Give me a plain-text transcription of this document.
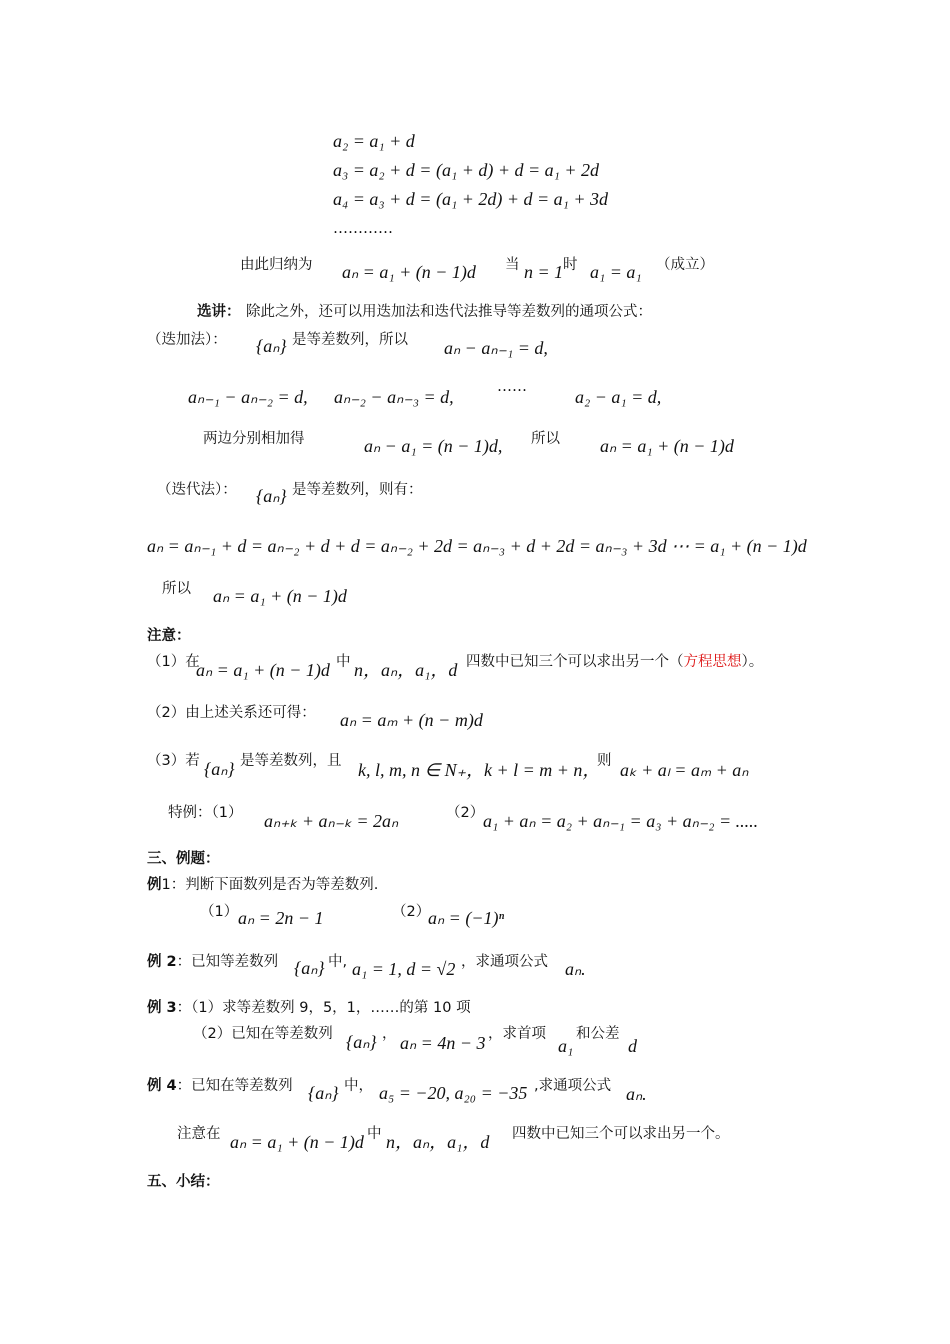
a₂ = a₁ + d
a₃ = a₂ + d = (a₁ + d) + d = a₁ + 2d
a₄ = a₃ + d = (a₁ + 2d) + d = a₁ + 3d
…………
由此归纳为 aₙ = a₁ + (n − 1)d 当 n = 1 时 a₁ = a₁ （成立）
选讲： 除此之外，还可以用迭加法和迭代法推导等差数列的通项公式：
（迭加法）： {aₙ} 是等差数列，所以 aₙ − aₙ₋₁ = d,
aₙ₋₁ − aₙ₋₂ = d, aₙ₋₂ − aₙ₋₃ = d,
……
a₂ − a₁ = d,
两边分别相加得	aₙ − a₁ = (n − 1)d, 所以 aₙ = a₁ + (n − 1)d
（迭代法）： {aₙ} 是等差数列，则有：
aₙ = aₙ₋₁ + d = aₙ₋₂ + d + d = aₙ₋₂ + 2d = aₙ₋₃ + d + 2d = aₙ₋₃ + 3d ⋯ = a₁ + (n − 1)d
所以 aₙ = a₁ + (n − 1)d
注意：
（1）在
aₙ = a₁ + (n − 1)d 中 n，aₙ，a₁，d 四数中已知三个可以求出另一个（方程思想）。
（2）由上述关系还可得： aₙ = aₘ + (n − m)d
（3）若 {aₙ} 是等差数列，且 k, l, m, n ∈ N₊， k + l = m + n，
则 aₖ + aₗ = aₘ + aₙ
特例：（1） aₙ₊ₖ + aₙ₋ₖ = 2aₙ	（2）
a₁ + aₙ = a₂ + aₙ₋₁ = a₃ + aₙ₋₂ = .....
三、例题：
例1：判断下面数列是否为等差数列.
（1） aₙ = 2n − 1	（2）
aₙ = (−1)ⁿ
例 2：已知等差数列 {aₙ} 中, a₁ = 1, d = √2 ，求通项公式 aₙ.
例 3：（1）求等差数列 9，5，1，……的第 10 项
（2）已知在等差数列 {aₙ} ， aₙ = 4n − 3 ，求首项
a₁
和公差
d
例 4：已知在等差数列 {aₙ} 中， a₅ = −20, a₂₀ = −35 ,求通项公式 aₙ.
注意在 aₙ = a₁ + (n − 1)d 中 n，aₙ，a₁，d 四数中已知三个可以求出另一个。
五、小结：
